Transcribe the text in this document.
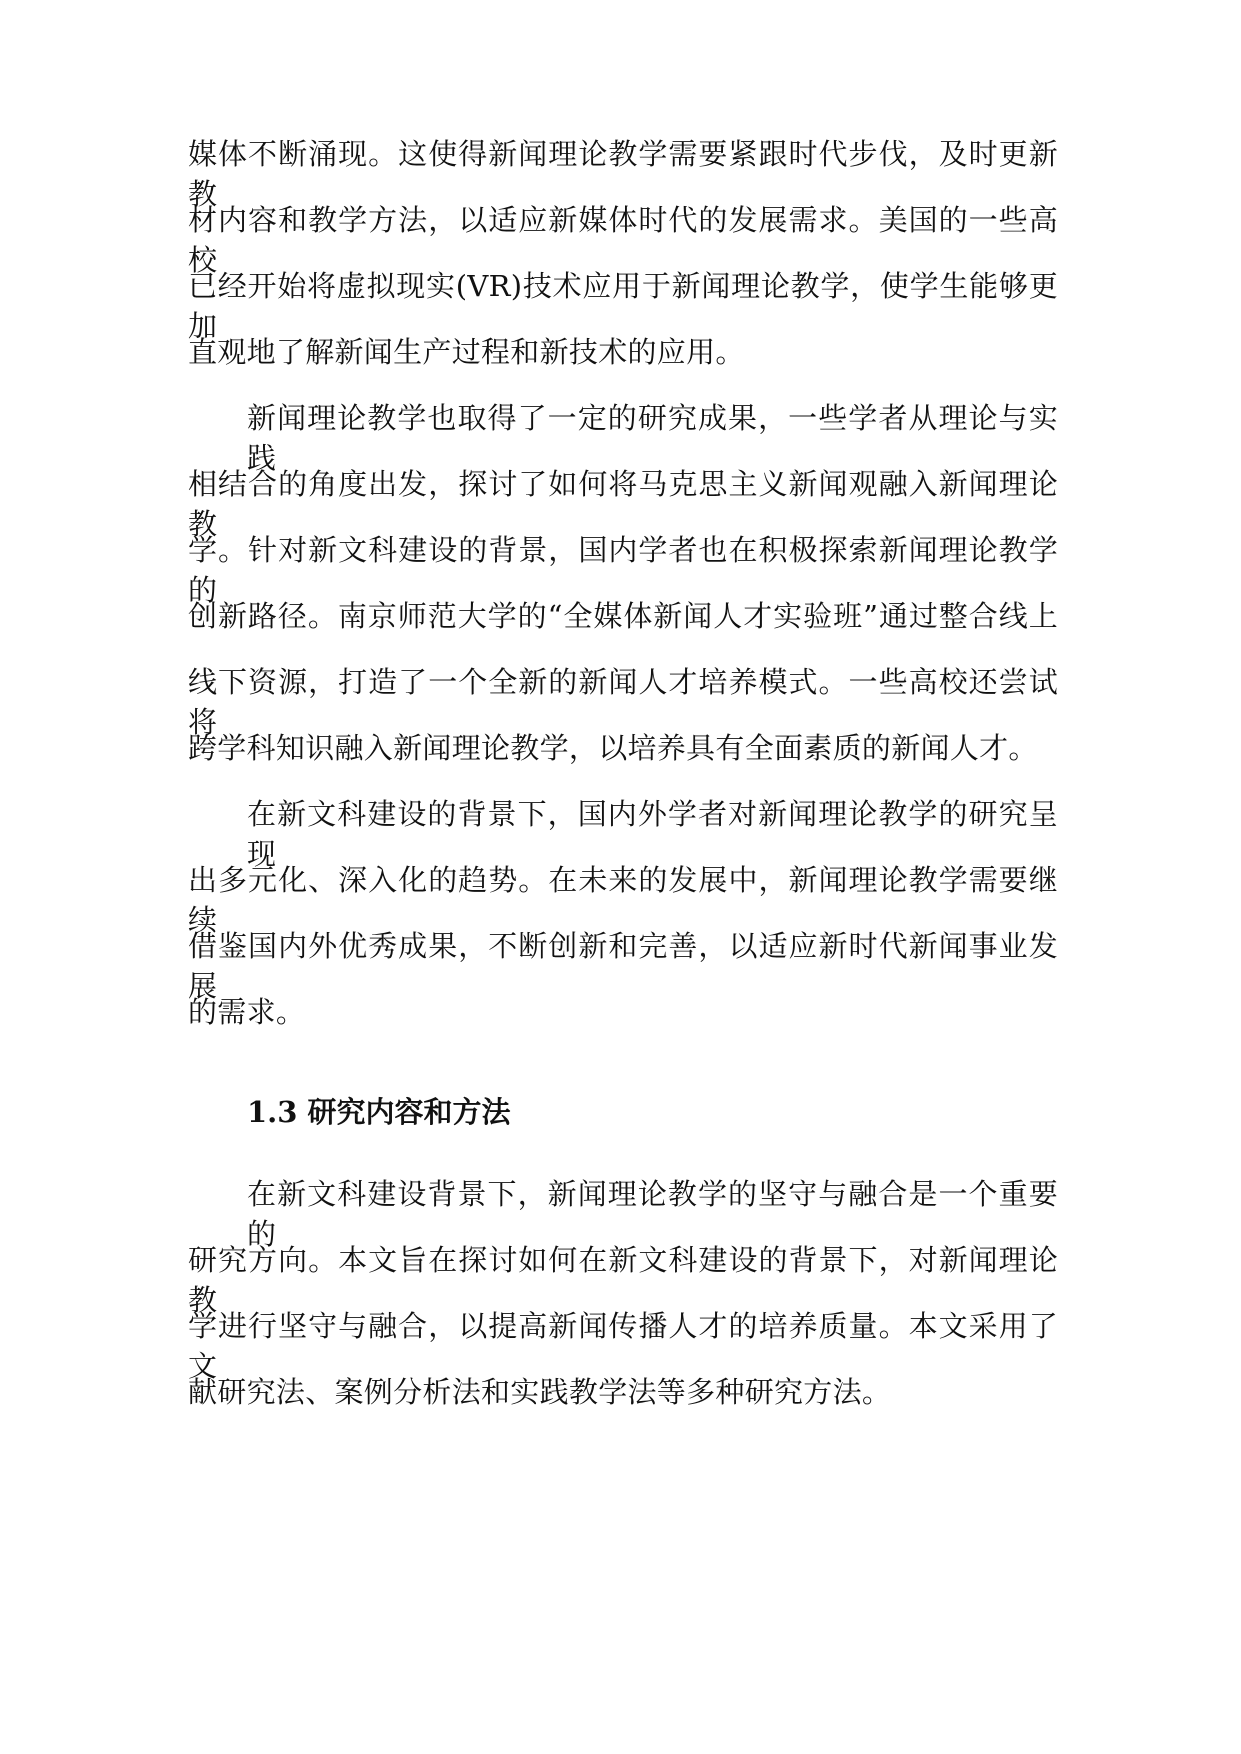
媒体不断涌现。这使得新闻理论教学需要紧跟时代步伐，及时更新教
材内容和教学方法，以适应新媒体时代的发展需求。美国的一些高校
已经开始将虚拟现实(VR)技术应用于新闻理论教学，使学生能够更加
直观地了解新闻生产过程和新技术的应用。
新闻理论教学也取得了一定的研究成果，一些学者从理论与实践
相结合的角度出发，探讨了如何将马克思主义新闻观融入新闻理论教
学。针对新文科建设的背景，国内学者也在积极探索新闻理论教学的
创新路径。南京师范大学的“全媒体新闻人才实验班”通过整合线上
线下资源，打造了一个全新的新闻人才培养模式。一些高校还尝试将
跨学科知识融入新闻理论教学，以培养具有全面素质的新闻人才。
在新文科建设的背景下，国内外学者对新闻理论教学的研究呈现
出多元化、深入化的趋势。在未来的发展中，新闻理论教学需要继续
借鉴国内外优秀成果，不断创新和完善，以适应新时代新闻事业发展
的需求。
1.3 研究内容和方法
在新文科建设背景下，新闻理论教学的坚守与融合是一个重要的
研究方向。本文旨在探讨如何在新文科建设的背景下，对新闻理论教
学进行坚守与融合，以提高新闻传播人才的培养质量。本文采用了文
献研究法、案例分析法和实践教学法等多种研究方法。
